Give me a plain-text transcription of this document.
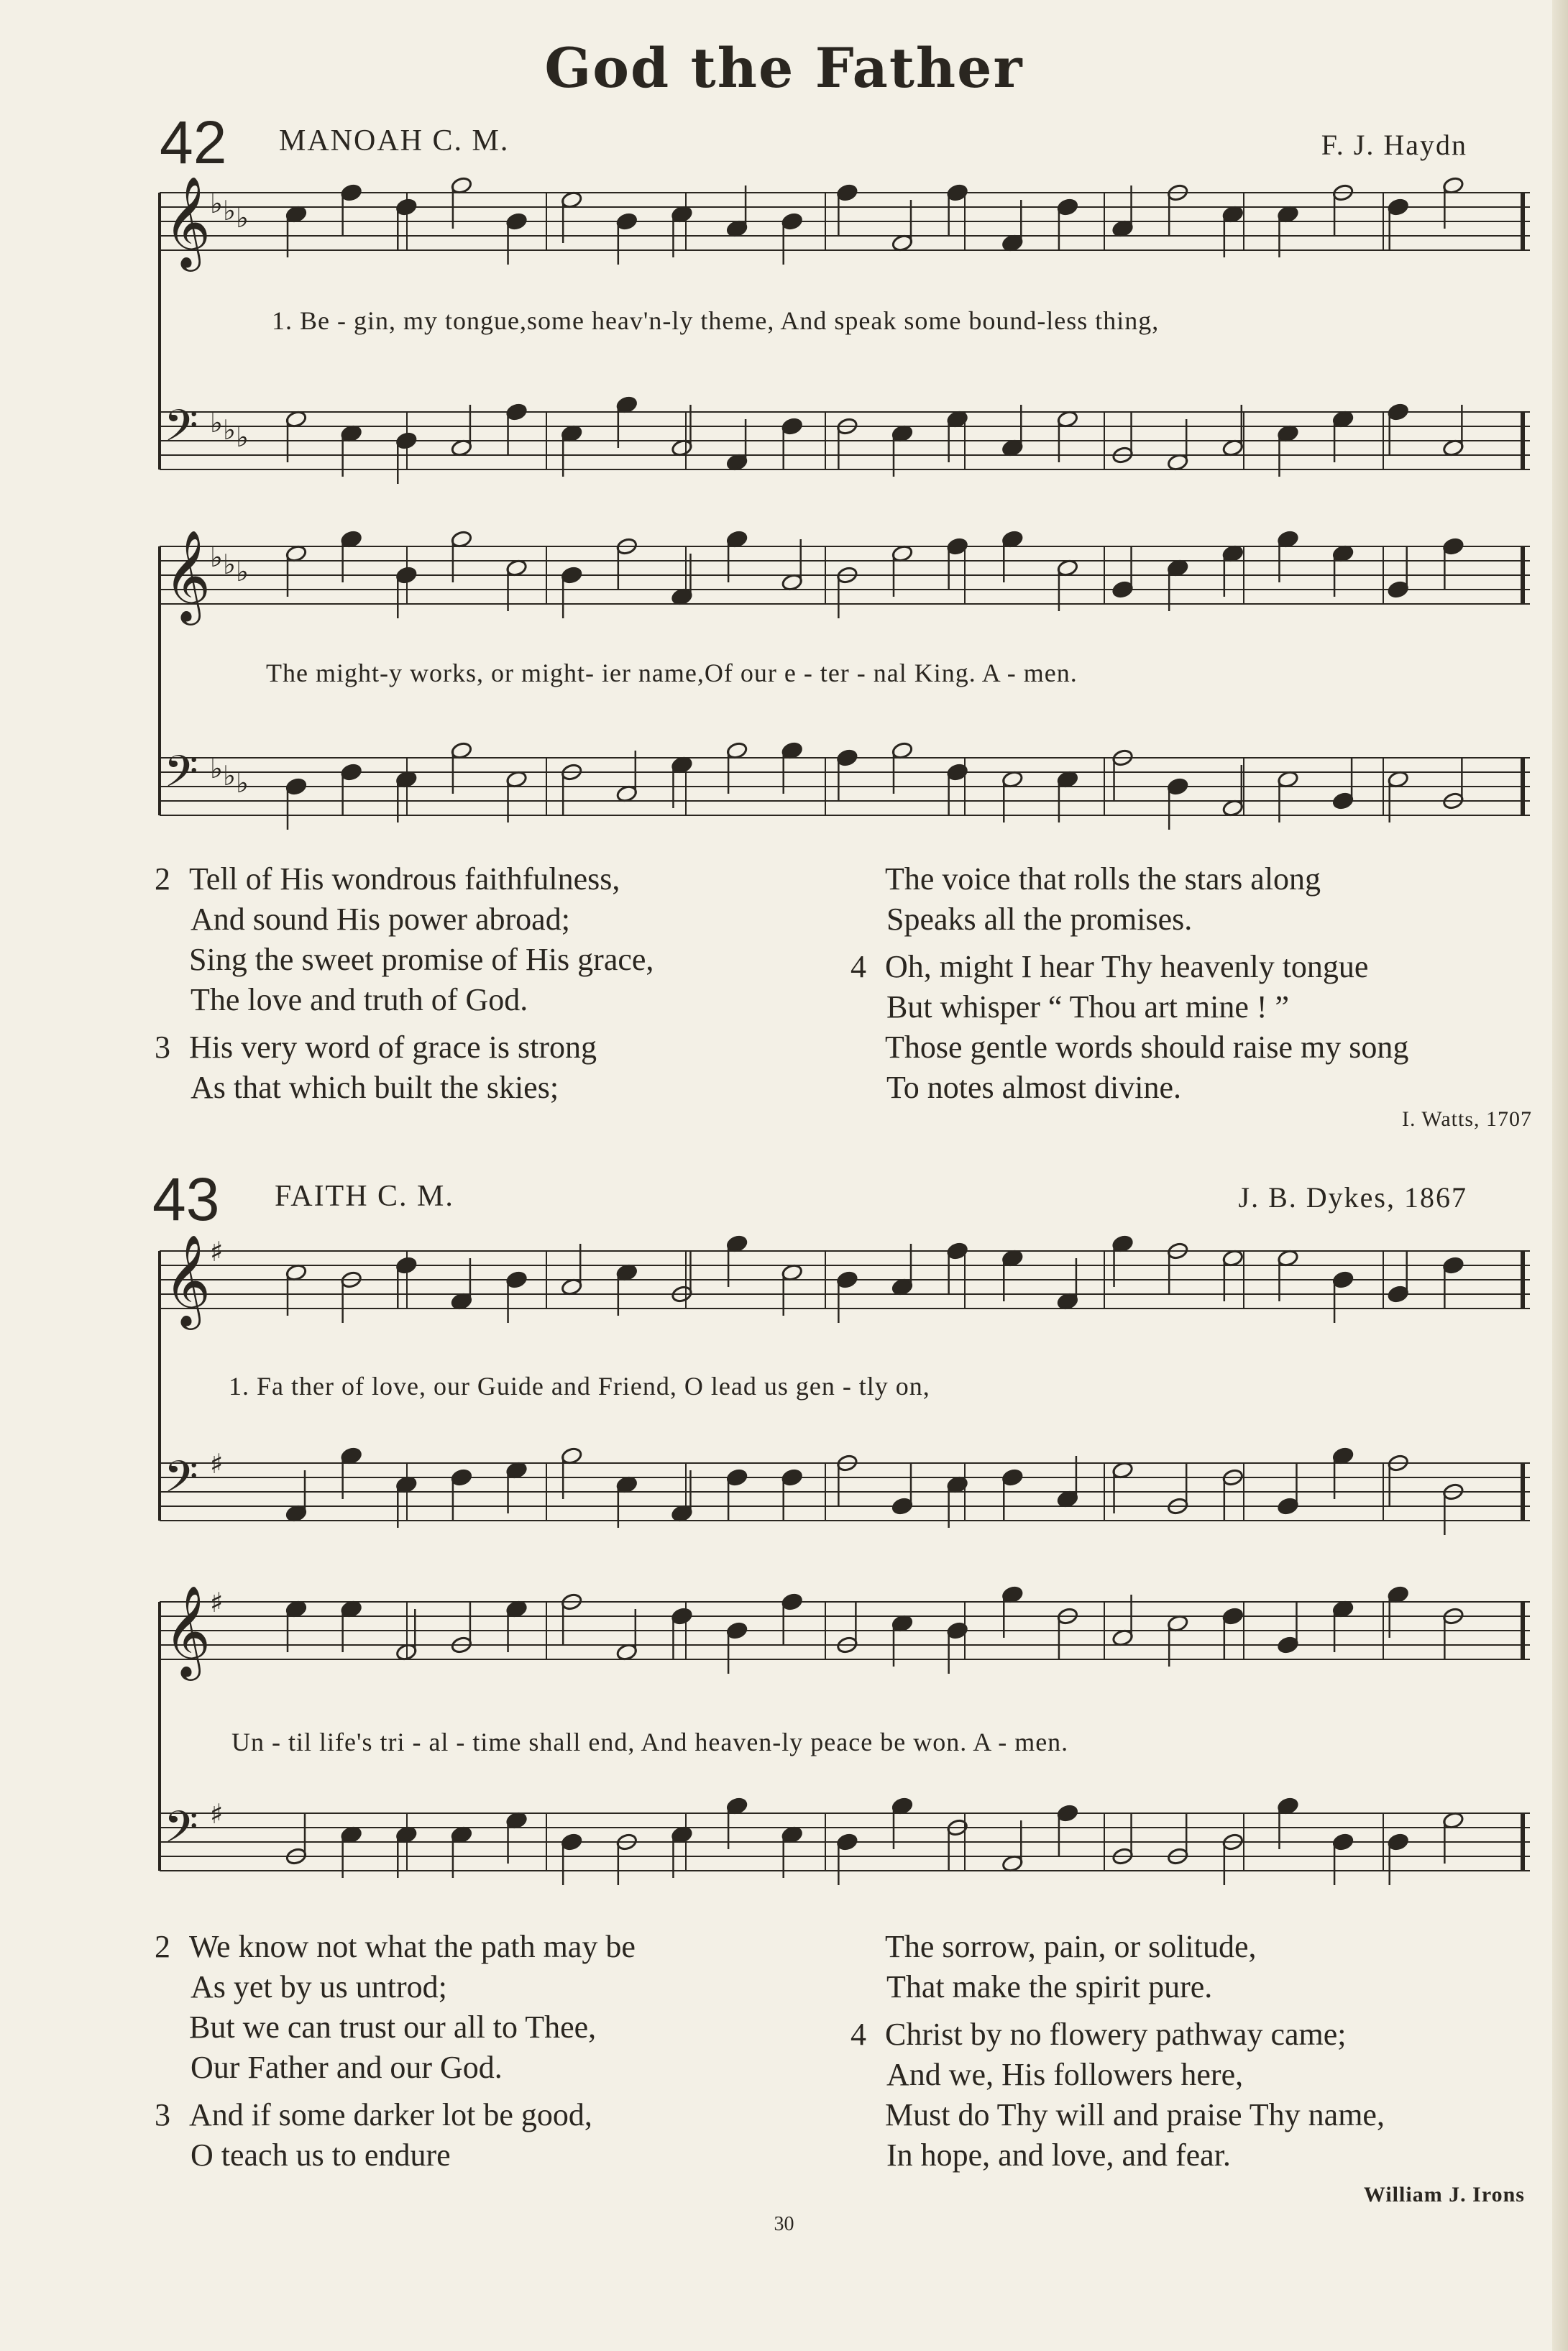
God the Father
42 MANOAH C. M.	F. J. Haydn
43 FAITH C. M.	J. B. Dykes, 1867
𝄞
♭ ♭ ♭
𝄢 ♭ ♭ ♭
𝄞
♭ ♭ ♭
𝄢 ♭ ♭ ♭
𝄞
♯
𝄢 ♯
𝄞
♯
𝄢 ♯
1. Be - gin, my tongue,some heav'n-ly theme, And speak some bound-less thing,
The might-y works, or might- ier name,Of our e - ter - nal King. A - men.
1. Fa ther of love, our Guide and Friend, O lead us gen - tly on,
Un - til life's tri - al - time shall end, And heaven-ly peace be won. A - men.
2 Tell of His wondrous faithfulness,
And sound His power abroad;
Sing the sweet promise of His grace,
The love and truth of God.
3 His very word of grace is strong
As that which built the skies;
The voice that rolls the stars along
Speaks all the promises.
4 Oh, might I hear Thy heavenly tongue
But whisper “ Thou art mine ! ”
Those gentle words should raise my song
To notes almost divine.
I. Watts, 1707
2 We know not what the path may be
As yet by us untrod;
But we can trust our all to Thee,
Our Father and our God.
3 And if some darker lot be good,
O teach us to endure
The sorrow, pain, or solitude,
That make the spirit pure.
4 Christ by no flowery pathway came;
And we, His followers here,
Must do Thy will and praise Thy name,
In hope, and love, and fear.
William J. Irons
30
